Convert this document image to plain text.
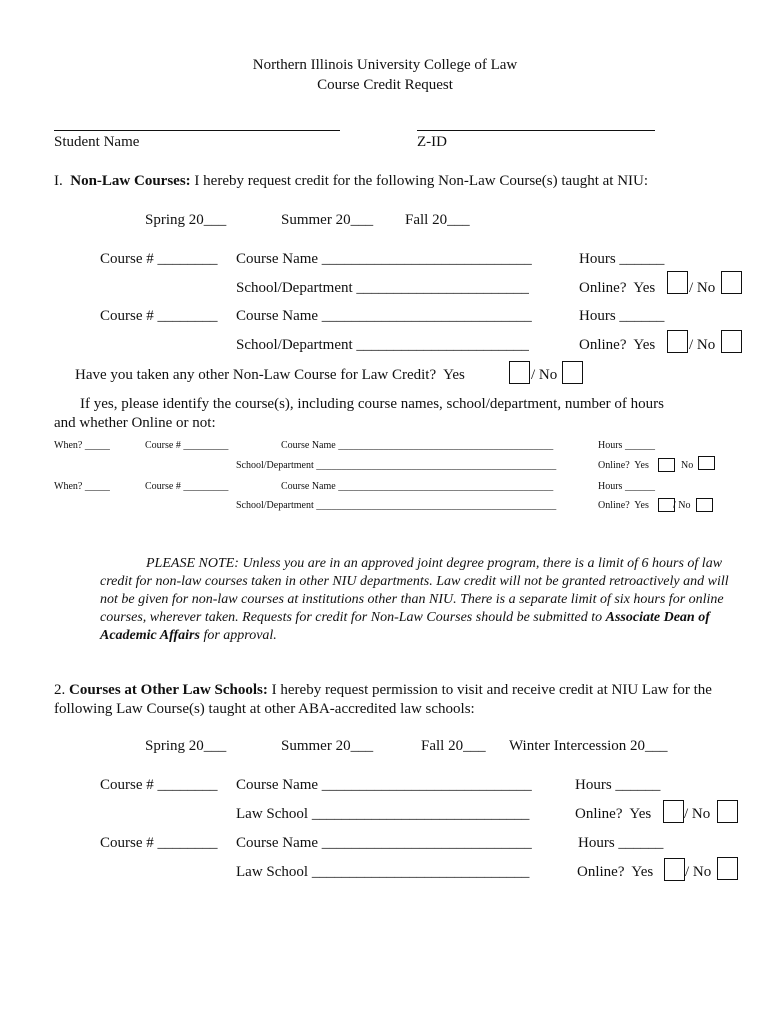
Northern Illinois University College of Law
Course Credit Request
Student Name	Z-ID
I. Non-Law Courses: I hereby request credit for the following Non-Law Course(s) taught at NIU:
Spring 20___	Summer 20___ Fall 20___
Course # ________ Course Name ____________________________	Hours ______
School/Department _______________________	Online?  Yes / No
Course # ________ Course Name ____________________________	Hours ______
School/Department _______________________	Online?  Yes / No
Have you taken any other Non-Law Course for Law Credit?  Yes	/ No
If yes, please identify the course(s), including course names, school/department, number of hours
and whether Online or not:
When? _____	Course # _________	Course Name ___________________________________________	Hours ______
School/Department ________________________________________________	Online?  Yes	No
When? _____	Course # _________	Course Name ___________________________________________	Hours ______
School/Department ________________________________________________	Online?  Yes / No
PLEASE NOTE: Unless you are in an approved joint degree program, there is a limit of 6 hours of law credit for non-law courses taken in other NIU departments. Law credit will not be granted retroactively and will not be given for non-law courses at institutions other than NIU. There is a separate limit of six hours for online courses, wherever taken. Requests for credit for Non-Law Courses should be submitted to Associate Dean of Academic Affairs for approval.
2. Courses at Other Law Schools: I hereby request permission to visit and receive credit at NIU Law for the following Law Course(s) taught at other ABA-accredited law schools:
Spring 20___	Summer 20___	Fall 20___ Winter Intercession 20___
Course # ________ Course Name ____________________________	Hours ______
Law School _____________________________	Online?  Yes / No
Course # ________ Course Name ____________________________	Hours ______
Law School _____________________________	Online?  Yes / No
